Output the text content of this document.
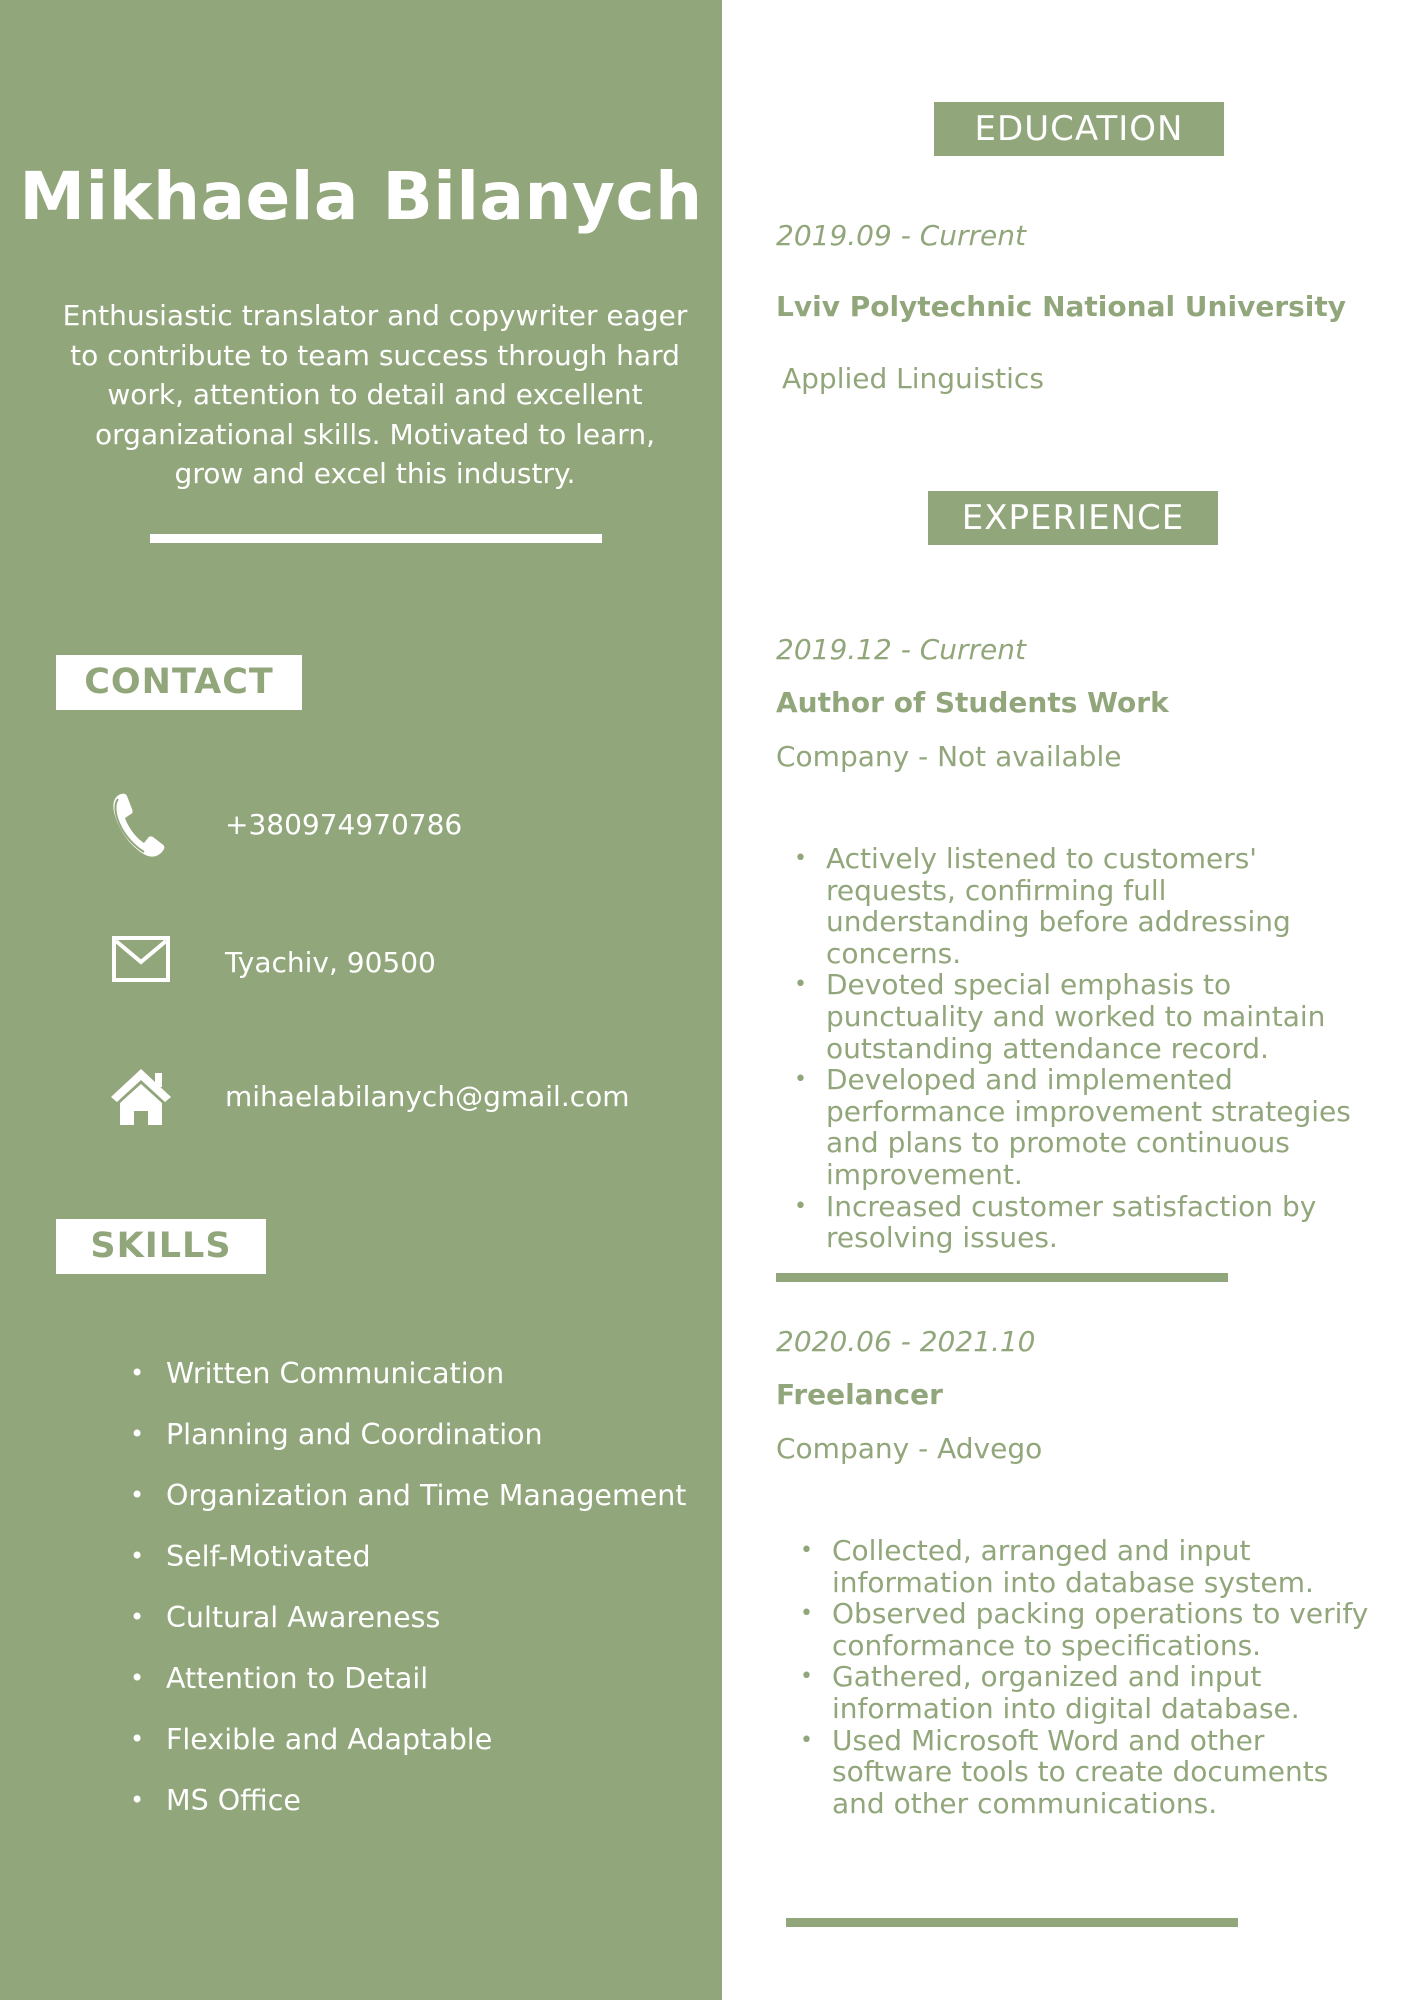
Mikhaela Bilanych

Enthusiastic translator and copywriter eager to contribute to team success through hard work, attention to detail and excellent organizational skills. Motivated to learn, grow and excel this industry.

CONTACT
+380974970786
Tyachiv, 90500
mihaelabilanych@gmail.com
SKILLS
• Written Communication
• Planning and Coordination
• Organization and Time Management
• Self-Motivated
• Cultural Awareness
• Attention to Detail
• Flexible and Adaptable
• MS Office
EDUCATION
2019.09 - Current
Lviv Polytechnic National University
Applied Linguistics
EXPERIENCE
2019.12 - Current
Author of Students Work
Company - Not available
• Actively listened to customers' requests, confirming full understanding before addressing concerns.
• Devoted special emphasis to punctuality and worked to maintain outstanding attendance record.
• Developed and implemented performance improvement strategies and plans to promote continuous improvement.
• Increased customer satisfaction by resolving issues.
2020.06 - 2021.10
Freelancer
Company - Advego
• Collected, arranged and input information into database system.
• Observed packing operations to verify conformance to specifications.
• Gathered, organized and input information into digital database.
• Used Microsoft Word and other software tools to create documents and other communications.
